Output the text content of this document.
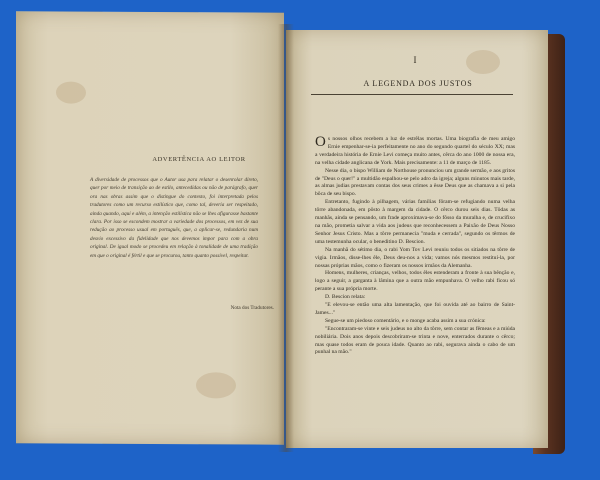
ADVERTÊNCIA AO LEITOR
A diversidade de processos que o Autor usa para relatar o desenrolar direto, quer por meio de transição ao de estilo, antecedidas ou não de parágrafo, quer ora nas obras assim que o distingue do contexto, foi interpretada pelos tradutores como um recurso estilístico que, como tal, deveria ser respeitado, ainda quando, aqui e além, a intenção estilística não se lhes afigurasse bastante clara. Por isso se escondem mostrar a variedade dos processos, em vez de sua redução ao processo usual em português, que, a aplicar-se, redundaria num desvio excessivo da fidelidade que nos devemos impor para com a obra original. De igual modo se procedeu em relação à tonalidade de uma tradição em que o original é fértil e que se procurou, tanto quanto possível, respeitar.
Nota dos Tradutores.
I
A LEGENDA DOS JUSTOS

Os nossos olhos recebem a luz de estrêlas mortas. Uma biografia de meu amigo Ernie empenhar-se-ia perfeitamente no ano do segundo quartel do século XX; mas a verdadeira história de Ernie Levi começa muito antes, cêrca do ano 1000 de nossa era, na velha cidade anglicana de York. Mais precisamente: a 11 de março de 1185.

Nesse dia, o bispo William de Northouse pronunciou um grande sermão, e aos gritos de "Deus o quer!" a multidão espalhou-se pelo adro da igreja; alguns minutos mais tarde, as almas judias prestavam contas dos seus crimes a êsse Deus que as chamava a si pela bôca de seu bispo.

Entretanto, fugindo à pilhagem, várias famílias fôram-se refugiando numa velha tôrre abandonada, em pôsto à margem da cidade. O cêrco durou seis dias. Tôdas as manhãs, ainda se pensando, um frade aproximava-se do fôsso da muralha e, de crucifixo na mão, prometia salvar a vida aos judeus que reconhecessem a Paixão de Deus Nosso Senhor Jesus Cristo. Mas a tôrre permanecia "muda e cerrada", segundo os têrmos de uma testemunha ocular, o beneditino D. Bescion.

Na manhã do sétimo dia, o rabi Yom Tov Levi reuniu todos os sitiados na tôrre de vigia. Irmãos, disse-lhes êle, Deus deu-nos a vida; vamos nós mesmos restituí-la, por nossas próprias mãos, como o fizeram os nossos irmãos da Alemanha.

Homens, mulheres, crianças, velhos, todos êles estenderam a fronte à sua bênção e, logo a seguir, a garganta à lâmina que a outra mão empunhava. O velho rabi ficou só perante a sua própria morte.

D. Bescion relata:

"E elevou-se então uma alta lamentação, que foi ouvida até ao bairro de Saint-James..."

Segue-se um piedoso comentário, e o monge acaba assim a sua crónica:

"Encontraram-se vinte e seis judeus no alto da tôrre, sem contar as fêmeas e a miúda nobiliária. Dois anos depois descobriram-se trinta e nove, enterrados durante o cêrco; mas quase todos eram de pouca idade. Quanto ao rabi, segurava ainda o cabo de um punhal na mão."
